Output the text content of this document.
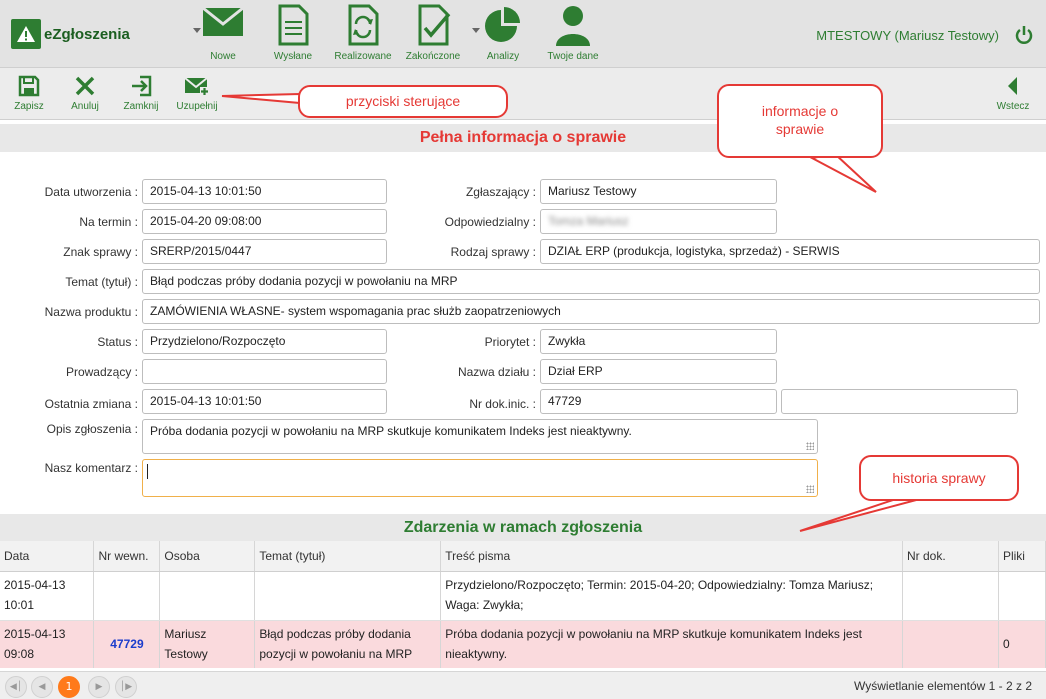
eZgłoszenia
Nowe	Wysłane	Realizowane	Zakończone	Analizy	Twoje dane
MTESTOWY (Mariusz Testowy)
Zapisz	Anuluj	Zamknij	Uzupełnij	Wstecz
Pełna informacja o sprawie
Data utworzenia :	2015-04-13 10:01:50
Na termin :	2015-04-20 09:08:00
Znak sprawy :	SRERP/2015/0447
Temat (tytuł) :	Błąd podczas próby dodania pozycji w powołaniu na MRP
Nazwa produktu :	ZAMÓWIENIA WŁASNE- system wspomagania prac służb zaopatrzeniowych
Status :	Przydzielono/Rozpoczęto
Prowadzący :
Ostatnia zmiana :	2015-04-13 10:01:50
Opis zgłoszenia :	Próba dodania pozycji w powołaniu na MRP skutkuje komunikatem Indeks jest nieaktywny.
Nasz komentarz :
Zgłaszający :	Mariusz Testowy
Odpowiedzialny :	Tomza Mariusz
Rodzaj sprawy :	DZIAŁ ERP (produkcja, logistyka, sprzedaż) - SERWIS
Priorytet :	Zwykła
Nazwa działu :	Dział ERP
Nr dok.inic. :	47729
Zdarzenia w ramach zgłoszenia
Data	Nr wewn.	Osoba	Temat (tytuł)	Treść pisma	Nr dok.	Pliki
2015-04-13 10:01				Przydzielono/Rozpoczęto; Termin: 2015-04-20; Odpowiedzialny: Tomza Mariusz; Waga: Zwykła;		
2015-04-13 09:08	47729	Mariusz Testowy	Błąd podczas próby dodania pozycji w powołaniu na MRP	Próba dodania pozycji w powołaniu na MRP skutkuje komunikatem Indeks jest nieaktywny.		0
◀│	◀	1	▶	│▶	Wyświetlanie elementów 1 - 2 z 2
przyciski sterujące
informacje o sprawie
historia sprawy
